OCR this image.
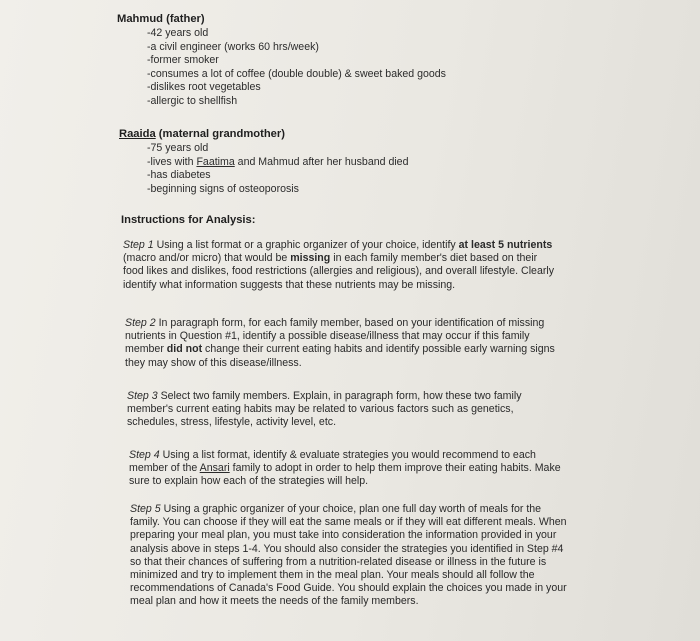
Mahmud (father)
-42 years old
-a civil engineer (works 60 hrs/week)
-former smoker
-consumes a lot of coffee (double double) & sweet baked goods
-dislikes root vegetables
-allergic to shellfish
Raaida (maternal grandmother)
-75 years old
-lives with Faatima and Mahmud after her husband died
-has diabetes
-beginning signs of osteoporosis
Instructions for Analysis:

Step 1 Using a list format or a graphic organizer of your choice, identify at least 5 nutrients (macro and/or micro) that would be missing in each family member's diet based on their food likes and dislikes, food restrictions (allergies and religious), and overall lifestyle. Clearly identify what information suggests that these nutrients may be missing.

Step 2 In paragraph form, for each family member, based on your identification of missing nutrients in Question #1, identify a possible disease/illness that may occur if this family member did not change their current eating habits and identify possible early warning signs they may show of this disease/illness.

Step 3 Select two family members. Explain, in paragraph form, how these two family member's current eating habits may be related to various factors such as genetics, schedules, stress, lifestyle, activity level, etc.

Step 4 Using a list format, identify & evaluate strategies you would recommend to each member of the Ansari family to adopt in order to help them improve their eating habits. Make sure to explain how each of the strategies will help.

Step 5 Using a graphic organizer of your choice, plan one full day worth of meals for the family. You can choose if they will eat the same meals or if they will eat different meals. When preparing your meal plan, you must take into consideration the information provided in your analysis above in steps 1-4. You should also consider the strategies you identified in Step #4 so that their chances of suffering from a nutrition-related disease or illness in the future is minimized and try to implement them in the meal plan. Your meals should all follow the recommendations of Canada's Food Guide. You should explain the choices you made in your meal plan and how it meets the needs of the family members.
